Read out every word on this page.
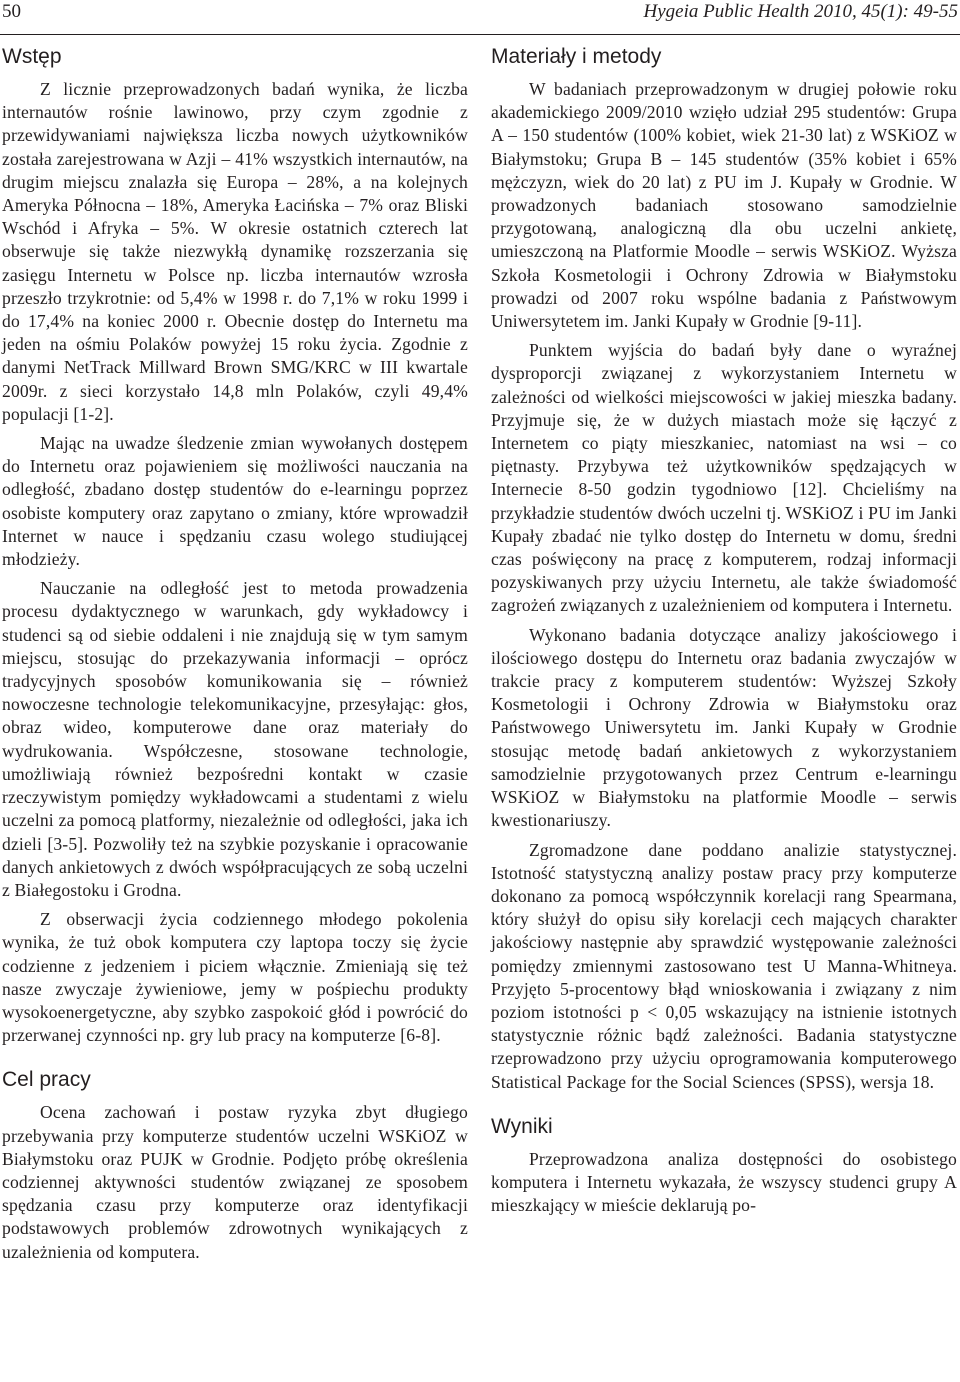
50	Hygeia Public Health 2010, 45(1): 49-55
Wstęp

Z licznie przeprowadzonych badań wynika, że liczba internautów rośnie lawinowo, przy czym zgodnie z przewidywaniami największa liczba nowych użytkowników została zarejestrowana w Azji – 41% wszystkich internautów, na drugim miejscu znalazła się Europa – 28%, a na kolejnych Ameryka Północna – 18%, Ameryka Łacińska – 7% oraz Bliski Wschód i Afryka – 5%. W okresie ostatnich czterech lat obserwuje się także niezwykłą dynamikę rozszerzania się zasięgu Internetu w Polsce np. liczba internautów wzrosła przeszło trzykrotnie: od 5,4% w 1998 r. do 7,1% w roku 1999 i do 17,4% na koniec 2000 r. Obecnie dostęp do Internetu ma jeden na ośmiu Polaków powyżej 15 roku życia. Zgodnie z danymi NetTrack Millward Brown SMG/KRC w III kwartale 2009r. z sieci korzystało 14,8 mln Polaków, czyli 49,4% populacji [1-2].

Mając na uwadze śledzenie zmian wywołanych dostępem do Internetu oraz pojawieniem się możliwości nauczania na odległość, zbadano dostęp studentów do e-learningu poprzez osobiste komputery oraz zapytano o zmiany, które wprowadził Internet w nauce i spędzaniu czasu wolego studiującej młodzieży.

Nauczanie na odległość jest to metoda prowadzenia procesu dydaktycznego w warunkach, gdy wykładowcy i studenci są od siebie oddaleni i nie znajdują się w tym samym miejscu, stosując do przekazywania informacji – oprócz tradycyjnych sposobów komunikowania się – również nowoczesne technologie telekomunikacyjne, przesyłając: głos, obraz wideo, komputerowe dane oraz materiały do wydrukowania. Współczesne, stosowane technologie, umożliwiają również bezpośredni kontakt w czasie rzeczywistym pomiędzy wykładowcami a studentami z wielu uczelni za pomocą platformy, niezależnie od odległości, jaka ich dzieli [3-5]. Pozwoliły też na szybkie pozyskanie i opracowanie danych ankietowych z dwóch współpracujących ze sobą uczelni z Białegostoku i Grodna.

Z obserwacji życia codziennego młodego pokolenia wynika, że tuż obok komputera czy laptopa toczy się życie codzienne z jedzeniem i piciem włącznie. Zmieniają się też nasze zwyczaje żywieniowe, jemy w pośpiechu produkty wysokoenergetyczne, aby szybko zaspokoić głód i powrócić do przerwanej czynności np. gry lub pracy na komputerze [6-8].

Cel pracy

Ocena zachowań i postaw ryzyka zbyt długiego przebywania przy komputerze studentów uczelni WSKiOZ w Białymstoku oraz PUJK w Grodnie. Podjęto próbę określenia codziennej aktywności studentów związanej ze sposobem spędzania czasu przy komputerze oraz identyfikacji podstawowych problemów zdrowotnych wynikających z uzależnienia od komputera.

Materiały i metody

W badaniach przeprowadzonym w drugiej połowie roku akademickiego 2009/2010 wzięło udział 295 studentów: Grupa A – 150 studentów (100% kobiet, wiek 21-30 lat) z WSKiOZ w Białymstoku; Grupa B – 145 studentów (35% kobiet i 65% mężczyzn, wiek do 20 lat) z PU im J. Kupały w Grodnie. W prowadzonych badaniach stosowano samodzielnie przygotowaną, analogiczną dla obu uczelni ankietę, umieszczoną na Platformie Moodle – serwis WSKiOZ. Wyższa Szkoła Kosmetologii i Ochrony Zdrowia w Białymstoku prowadzi od 2007 roku wspólne badania z Państwowym Uniwersytetem im. Janki Kupały w Grodnie [9-11].

Punktem wyjścia do badań były dane o wyraźnej dysproporcji związanej z wykorzystaniem Internetu w zależności od wielkości miejscowości w jakiej mieszka badany. Przyjmuje się, że w dużych miastach może się łączyć z Internetem co piąty mieszkaniec, natomiast na wsi – co piętnasty. Przybywa też użytkowników spędzających w Internecie 8-50 godzin tygodniowo [12]. Chcieliśmy na przykładzie studentów dwóch uczelni tj. WSKiOZ i PU im Janki Kupały zbadać nie tylko dostęp do Internetu w domu, średni czas poświęcony na pracę z komputerem, rodzaj informacji pozyskiwanych przy użyciu Internetu, ale także świadomość zagrożeń związanych z uzależnieniem od komputera i Internetu.

Wykonano badania dotyczące analizy jakościowego i ilościowego dostępu do Internetu oraz badania zwyczajów w trakcie pracy z komputerem studentów: Wyższej Szkoły Kosmetologii i Ochrony Zdrowia w Białymstoku oraz Państwowego Uniwersytetu im. Janki Kupały w Grodnie stosując metodę badań ankietowych z wykorzystaniem samodzielnie przygotowanych przez Centrum e-learningu WSKiOZ w Białymstoku na platformie Moodle – serwis kwestionariuszy.

Zgromadzone dane poddano analizie statystycznej. Istotność statystyczną analizy postaw pracy przy komputerze dokonano za pomocą współczynnik korelacji rang Spearmana, który służył do opisu siły korelacji cech mających charakter jakościowy następnie aby sprawdzić występowanie zależności pomiędzy zmiennymi zastosowano test U Manna-Whitneya. Przyjęto 5-procentowy błąd wnioskowania i związany z nim poziom istotności p < 0,05 wskazujący na istnienie istotnych statystycznie różnic bądź zależności. Badania statystyczne rzeprowadzono przy użyciu oprogramowania komputerowego Statistical Package for the Social Sciences (SPSS), wersja 18.

Wyniki

Przeprowadzona analiza dostępności do osobistego komputera i Internetu wykazała, że wszyscy studenci grupy A mieszkający w mieście deklarują po-
